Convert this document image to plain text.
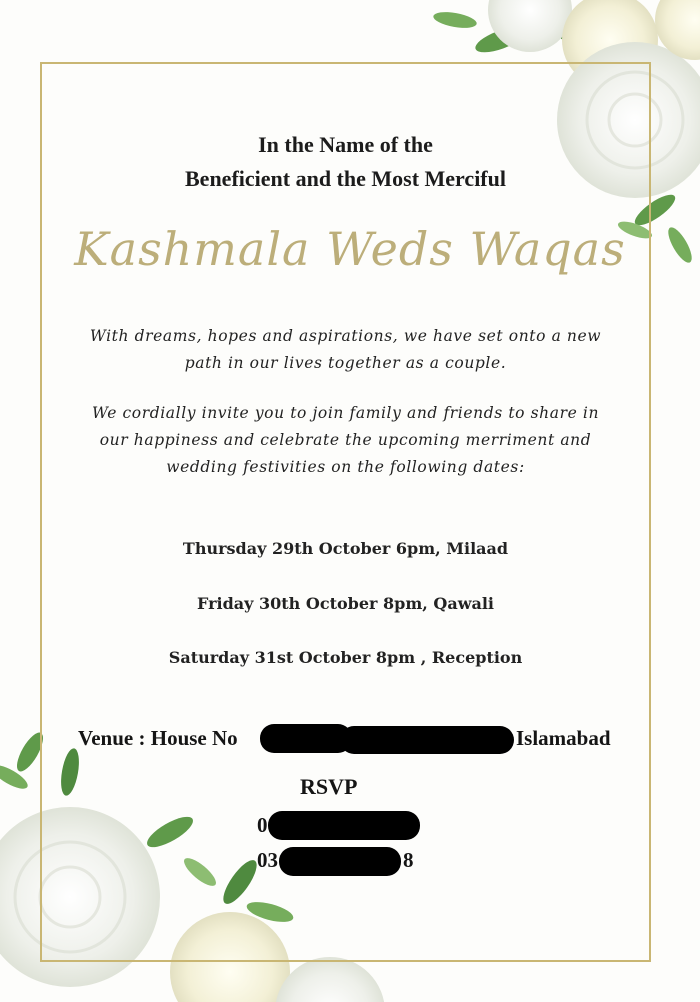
In the Name of the
Beneficient and the Most Merciful
Kashmala Weds Waqas
With dreams, hopes and aspirations, we have set onto a new
path in our lives together as a couple.
We cordially invite you to join family and friends to share in
our happiness and celebrate the upcoming merriment and
wedding festivities on the following dates:
Thursday 29th October 6pm, Milaad
Friday 30th October 8pm, Qawali
Saturday 31st October 8pm , Reception
Venue : House No	Islamabad
RSVP
0
03	8
